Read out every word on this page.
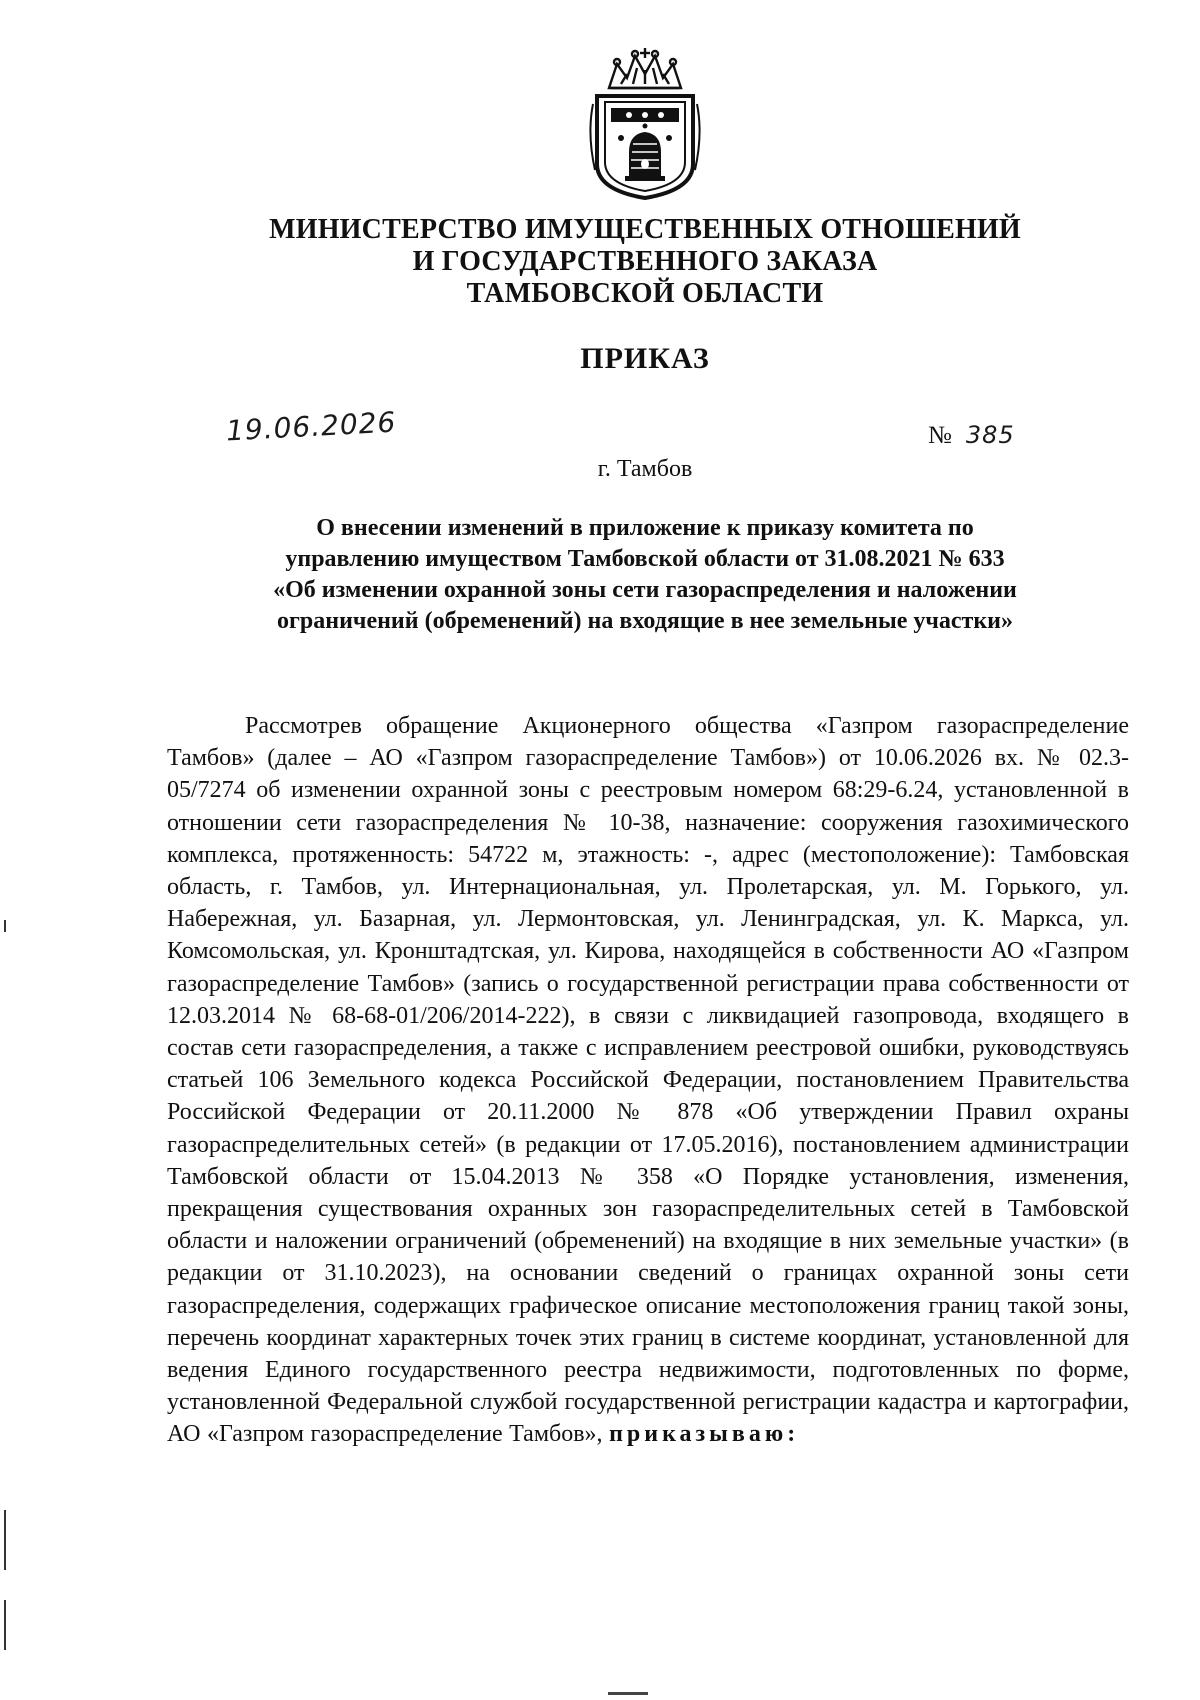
МИНИСТЕРСТВО ИМУЩЕСТВЕННЫХ ОТНОШЕНИЙ
И ГОСУДАРСТВЕННОГО ЗАКАЗА
ТАМБОВСКОЙ ОБЛАСТИ
ПРИКАЗ
19.06.2026	№ 385
г. Тамбов
О внесении изменений в приложение к приказу комитета по
управлению имуществом Тамбовской области от 31.08.2021 № 633
«Об изменении охранной зоны сети газораспределения и наложении
ограничений (обременений) на входящие в нее земельные участки»
Рассмотрев обращение Акционерного общества «Газпром газораспределение Тамбов» (далее – АО «Газпром газораспределение Тамбов») от 10.06.2026 вх. № 02.3-05/7274 об изменении охранной зоны с реестровым номером 68:29-6.24, установленной в отношении сети газораспределения № 10-38, назначение: сооружения газохимического комплекса, протяженность: 54722 м, этажность: -, адрес (местоположение): Тамбовская область, г. Тамбов, ул. Интернациональная, ул. Пролетарская, ул. М. Горького, ул. Набережная, ул. Базарная, ул. Лермонтовская, ул. Ленинградская, ул. К. Маркса, ул. Комсомольская, ул. Кронштадтская, ул. Кирова, находящейся в собственности АО «Газпром газораспределение Тамбов» (запись о государственной регистрации права собственности от 12.03.2014 № 68-68-01/206/2014-222), в связи с ликвидацией газопровода, входящего в состав сети газораспределения, а также с исправлением реестровой ошибки, руководствуясь статьей 106 Земельного кодекса Российской Федерации, постановлением Правительства Российской Федерации от 20.11.2000 № 878 «Об утверждении Правил охраны газораспределительных сетей» (в редакции от 17.05.2016), постановлением администрации Тамбовской области от 15.04.2013 № 358 «О Порядке установления, изменения, прекращения существования охранных зон газораспределительных сетей в Тамбовской области и наложении ограничений (обременений) на входящие в них земельные участки» (в редакции от 31.10.2023), на основании сведений о границах охранной зоны сети газораспределения, содержащих графическое описание местоположения границ такой зоны, перечень координат характерных точек этих границ в системе координат, установленной для ведения Единого государственного реестра недвижимости, подготовленных по форме, установленной Федеральной службой государственной регистрации кадастра и картографии, АО «Газпром газораспределение Тамбов», приказываю:
